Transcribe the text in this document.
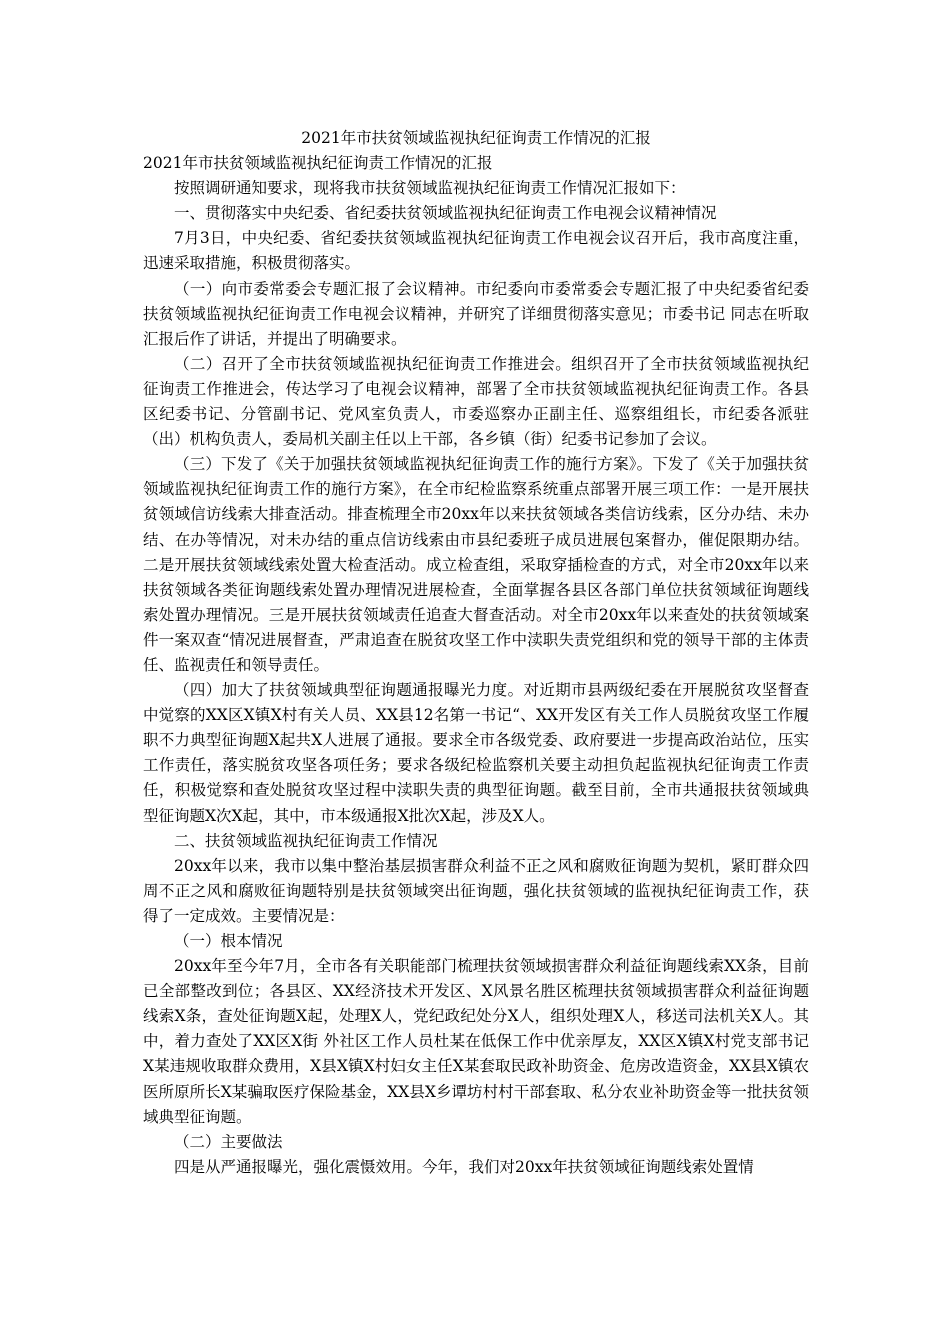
2021年市扶贫领域监视执纪征询责工作情况的汇报

2021年市扶贫领域监视执纪征询责工作情况的汇报

按照调研通知要求，现将我市扶贫领域监视执纪征询责工作情况汇报如下：

一、贯彻落实中央纪委、省纪委扶贫领域监视执纪征询责工作电视会议精神情况

7月3日，中央纪委、省纪委扶贫领域监视执纪征询责工作电视会议召开后，我市高度注重，迅速采取措施，积极贯彻落实。

（一）向市委常委会专题汇报了会议精神。市纪委向市委常委会专题汇报了中央纪委省纪委扶贫领域监视执纪征询责工作电视会议精神，并研究了详细贯彻落实意见；市委书记 同志在听取汇报后作了讲话，并提出了明确要求。

（二）召开了全市扶贫领域监视执纪征询责工作推进会。组织召开了全市扶贫领域监视执纪征询责工作推进会，传达学习了电视会议精神，部署了全市扶贫领域监视执纪征询责工作。各县区纪委书记、分管副书记、党风室负责人，市委巡察办正副主任、巡察组组长，市纪委各派驻（出）机构负责人，委局机关副主任以上干部，各乡镇（街）纪委书记参加了会议。

（三）下发了《关于加强扶贫领域监视执纪征询责工作的施行方案》。下发了《关于加强扶贫领域监视执纪征询责工作的施行方案》，在全市纪检监察系统重点部署开展三项工作：一是开展扶贫领域信访线索大排查活动。排查梳理全市20xx年以来扶贫领域各类信访线索，区分办结、未办结、在办等情况，对未办结的重点信访线索由市县纪委班子成员进展包案督办，催促限期办结。二是开展扶贫领域线索处置大检查活动。成立检查组，采取穿插检查的方式，对全市20xx年以来扶贫领域各类征询题线索处置办理情况进展检查，全面掌握各县区各部门单位扶贫领域征询题线索处置办理情况。三是开展扶贫领域责任追查大督查活动。对全市20xx年以来查处的扶贫领域案件一案双查“情况进展督查，严肃追查在脱贫攻坚工作中渎职失责党组织和党的领导干部的主体责任、监视责任和领导责任。

（四）加大了扶贫领域典型征询题通报曝光力度。对近期市县两级纪委在开展脱贫攻坚督查中觉察的XX区X镇X村有关人员、XX县12名第一书记“、XX开发区有关工作人员脱贫攻坚工作履职不力典型征询题X起共X人进展了通报。要求全市各级党委、政府要进一步提高政治站位，压实工作责任，落实脱贫攻坚各项任务；要求各级纪检监察机关要主动担负起监视执纪征询责工作责任，积极觉察和查处脱贫攻坚过程中渎职失责的典型征询题。截至目前，全市共通报扶贫领域典型征询题X次X起，其中，市本级通报X批次X起，涉及X人。

二、扶贫领域监视执纪征询责工作情况

20xx年以来，我市以集中整治基层损害群众利益不正之风和腐败征询题为契机，紧盯群众四周不正之风和腐败征询题特别是扶贫领域突出征询题，强化扶贫领域的监视执纪征询责工作，获得了一定成效。主要情况是：

（一）根本情况

20xx年至今年7月，全市各有关职能部门梳理扶贫领域损害群众利益征询题线索XX条，目前已全部整改到位；各县区、XX经济技术开发区、X风景名胜区梳理扶贫领域损害群众利益征询题线索X条，查处征询题X起，处理X人，党纪政纪处分X人，组织处理X人，移送司法机关X人。其中，着力查处了XX区X街 外社区工作人员杜某在低保工作中优亲厚友，XX区X镇X村党支部书记X某违规收取群众费用，X县X镇X村妇女主任X某套取民政补助资金、危房改造资金，XX县X镇农医所原所长X某骗取医疗保险基金，XX县X乡谭坊村村干部套取、私分农业补助资金等一批扶贫领域典型征询题。

（二）主要做法

四是从严通报曝光，强化震慑效用。今年，我们对20xx年扶贫领域征询题线索处置情
